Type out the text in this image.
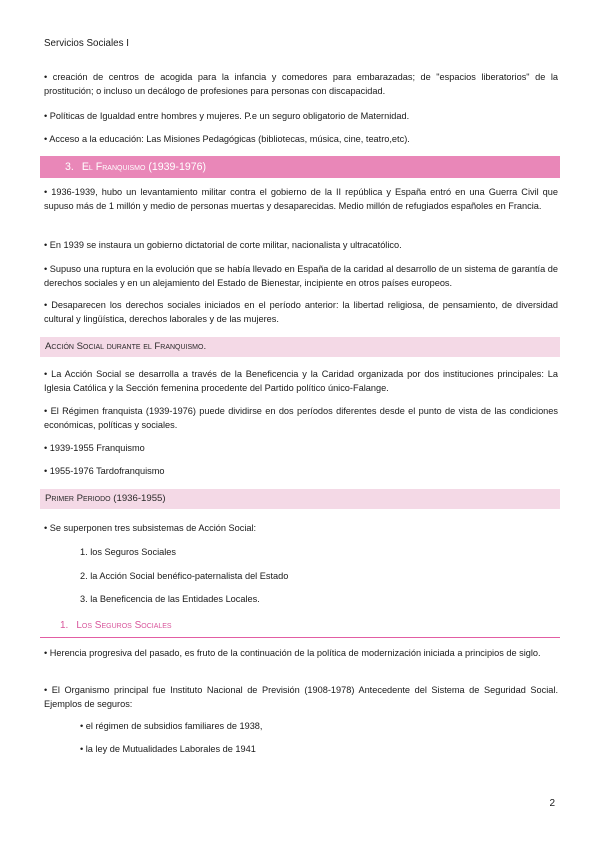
Servicios Sociales I

• creación de centros de acogida para la infancia y comedores para embarazadas; de "espacios liberatorios" de la prostitución; o incluso un decálogo de profesiones para personas con discapacidad.

• Políticas de Igualdad entre hombres y mujeres. P.e un seguro obligatorio de Maternidad.

• Acceso a la educación: Las Misiones Pedagógicas (bibliotecas, música, cine, teatro,etc).

3. El Franquismo (1939-1976)

• 1936-1939, hubo un levantamiento militar contra el gobierno de la II república y España entró en una Guerra Civil que supuso más de 1 millón y medio de personas muertas y desaparecidas. Medio millón de refugiados españoles en Francia.

• En 1939 se instaura un gobierno dictatorial de corte militar, nacionalista y ultracatólico.

• Supuso una ruptura en la evolución que se había llevado en España de la caridad al desarrollo de un sistema de garantía de derechos sociales y en un alejamiento del Estado de Bienestar, incipiente en otros países europeos.

• Desaparecen los derechos sociales iniciados en el período anterior: la libertad religiosa, de pensamiento, de diversidad cultural y lingüística, derechos laborales y de las mujeres.

Acción Social durante el Franquismo.

• La Acción Social se desarrolla a través de la Beneficencia y la Caridad organizada por dos instituciones principales: La Iglesia Católica y la Sección femenina procedente del Partido político único-Falange.

• El Régimen franquista (1939-1976) puede dividirse en dos períodos diferentes desde el punto de vista de las condiciones económicas, políticas y sociales.

• 1939-1955 Franquismo

• 1955-1976 Tardofranquismo

Primer Periodo (1936-1955)

• Se superponen tres subsistemas de Acción Social:

1. los Seguros Sociales
2. la Acción Social benéfico-paternalista del Estado
3. la Beneficencia de las Entidades Locales.
1. Los Seguros Sociales

• Herencia progresiva del pasado, es fruto de la continuación de la política de modernización iniciada a principios de siglo.

• El Organismo principal fue Instituto Nacional de Previsión (1908-1978) Antecedente del Sistema de Seguridad Social. Ejemplos de seguros:

• el régimen de subsidios familiares de 1938,
• la ley de Mutualidades Laborales de 1941
2
